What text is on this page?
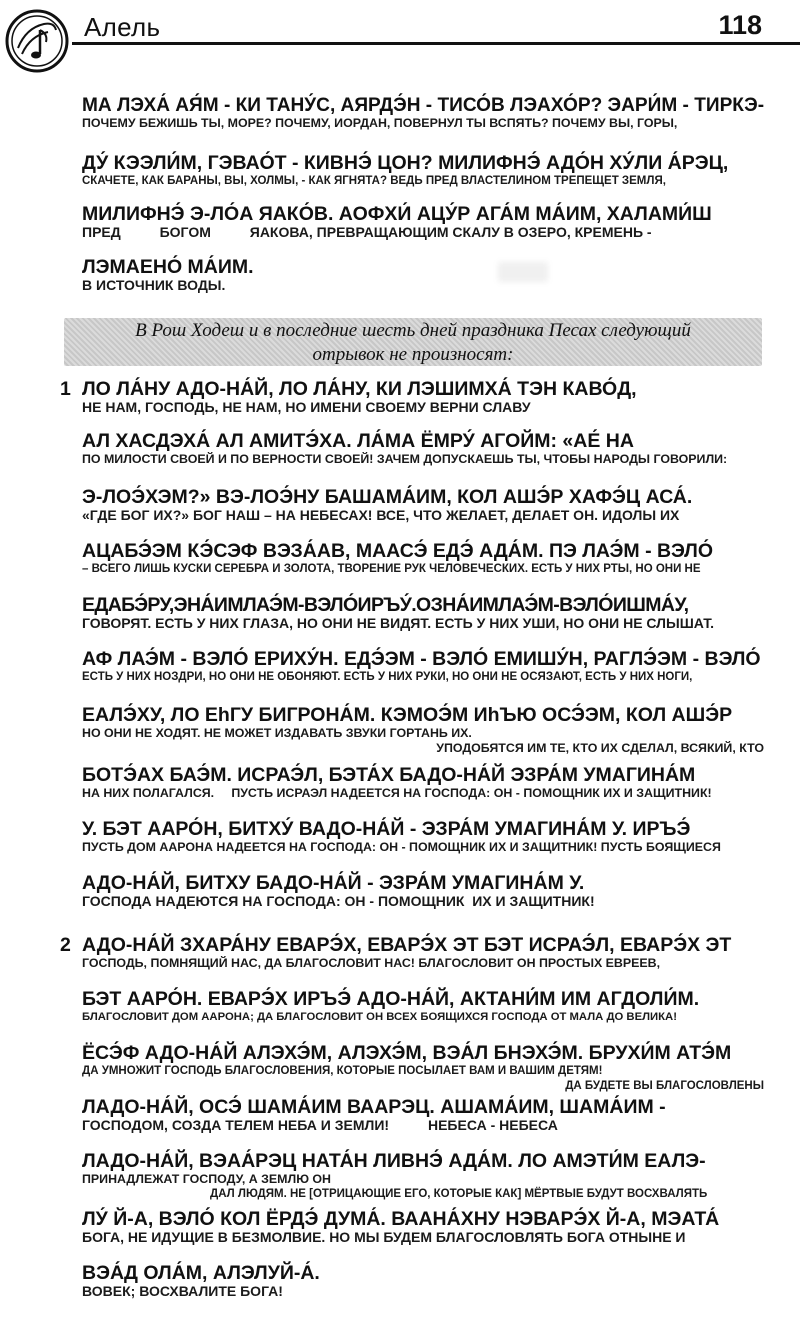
Алель	118
МА ЛЭХА́ АЯ́М - КИ ТАНУ́С, АЯРДЭ́Н - ТИСО́В ЛЭАХО́Р? ЭАРИ́М - ТИРКЭ-
ПОЧЕМУ БЕЖИШЬ ТЫ, МОРЕ? ПОЧЕМУ, ИОРДАН, ПОВЕРНУЛ ТЫ ВСПЯТЬ? ПОЧЕМУ ВЫ, ГОРЫ,
ДУ́ КЭЭЛИ́М, ГЭВАО́Т - КИВНЭ́ ЦОН? МИЛИФНЭ́ АДО́Н ХУ́ЛИ А́РЭЦ,
СКАЧЕТЕ, КАК БАРАНЫ, ВЫ, ХОЛМЫ, - КАК ЯГНЯТА? ВЕДЬ ПРЕД ВЛАСТЕЛИНОМ ТРЕПЕЩЕТ ЗЕМЛЯ,
МИЛИФНЭ́ Э-ЛО́А ЯАКО́В. АОФХИ́ АЦУ́Р АГА́М МА́ИМ, ХАЛАМИ́Ш
ПРЕД          БОГОМ          ЯАКОВА, ПРЕВРАЩАЮЩИМ СКАЛУ В ОЗЕРО, КРЕМЕНЬ -
ЛЭМАЕНО́ МА́ИМ.
В ИСТОЧНИК ВОДЫ.
В Рош Ходеш и в последние шесть дней праздника Песах следующий
отрывок не произносят:
1 ЛО ЛА́НУ АДО-НА́Й, ЛО ЛА́НУ, КИ ЛЭШИМХА́ ТЭН КАВО́Д,
НЕ НАМ, ГОСПОДЬ, НЕ НАМ, НО ИМЕНИ СВОЕМУ ВЕРНИ СЛАВУ
АЛ ХАСДЭХА́ АЛ АМИТЭ́ХА. ЛА́МА ЁМРУ́ АГОЙМ: «АЕ́ НА
ПО МИЛОСТИ СВОЕЙ И ПО ВЕРНОСТИ СВОЕЙ! ЗАЧЕМ ДОПУСКАЕШЬ ТЫ, ЧТОБЫ НАРОДЫ ГОВОРИЛИ:
Э-ЛОЭ́ХЭМ?» ВЭ-ЛОЭ́НУ БАШАМА́ИМ, КОЛ АШЭ́Р ХАФЭ́Ц АСА́.
«ГДЕ БОГ ИХ?» БОГ НАШ – НА НЕБЕСАХ! ВСЕ, ЧТО ЖЕЛАЕТ, ДЕЛАЕТ ОН. ИДОЛЫ ИХ
АЦАБЭ́ЭМ КЭ́СЭФ ВЭЗА́АВ, МААСЭ́ ЕДЭ́ АДА́М. ПЭ ЛАЭ́М - ВЭЛО́
– ВСЕГО ЛИШЬ КУСКИ СЕРЕБРА И ЗОЛОТА, ТВОРЕНИЕ РУК ЧЕЛОВЕЧЕСКИХ. ЕСТЬ У НИХ РТЫ, НО ОНИ НЕ
ЕДАБЭ́РУ,ЭНА́ИМЛАЭ́М-ВЭЛО́ИРЪУ́.ОЗНА́ИМЛАЭ́М-ВЭЛО́ИШМА́У,
ГОВОРЯТ. ЕСТЬ У НИХ ГЛАЗА, НО ОНИ НЕ ВИДЯТ. ЕСТЬ У НИХ УШИ, НО ОНИ НЕ СЛЫШАТ.
АФ ЛАЭ́М - ВЭЛО́ ЕРИХУ́Н. ЕДЭ́ЭМ - ВЭЛО́ ЕМИШУ́Н, РАГЛЭ́ЭМ - ВЭЛО́
ЕСТЬ У НИХ НОЗДРИ, НО ОНИ НЕ ОБОНЯЮТ. ЕСТЬ У НИХ РУКИ, НО ОНИ НЕ ОСЯЗАЮТ, ЕСТЬ У НИХ НОГИ,
ЕАЛЭ́ХУ, ЛО ЕhГУ БИГРОНА́М. КЭМОЭ́М ИhЪЮ ОСЭ́ЭМ, КОЛ АШЭ́Р
НО ОНИ НЕ ХОДЯТ. НЕ МОЖЕТ ИЗДАВАТЬ ЗВУКИ ГОРТАНЬ ИХ.
УПОДОБЯТСЯ ИМ ТЕ, КТО ИХ СДЕЛАЛ, ВСЯКИЙ, КТО
БОТЭ́АХ БАЭ́М. ИСРАЭ́Л, БЭТА́Х БАДО-НА́Й ЭЗРА́М УМАГИНА́М
НА НИХ ПОЛАГАЛСЯ.     ПУСТЬ ИСРАЭЛ НАДЕЕТСЯ НА ГОСПОДА: ОН - ПОМОЩНИК ИХ И ЗАЩИТНИК!
У. БЭТ ААРО́Н, БИТХУ́ ВАДО-НА́Й - ЭЗРА́М УМАГИНА́М У. ИРЪЭ́
ПУСТЬ ДОМ ААРОНА НАДЕЕТСЯ НА ГОСПОДА: ОН - ПОМОЩНИК ИХ И ЗАЩИТНИК! ПУСТЬ БОЯЩИЕСЯ
АДО-НА́Й, БИТХУ БАДО-НА́Й - ЭЗРА́М УМАГИНА́М У.
ГОСПОДА НАДЕЮТСЯ НА ГОСПОДА: ОН - ПОМОЩНИК  ИХ И ЗАЩИТНИК!
2 АДО-НА́Й ЗХАРА́НУ ЕВАРЭ́Х, ЕВАРЭ́Х ЭТ БЭТ ИСРАЭ́Л, ЕВАРЭ́Х ЭТ
ГОСПОДЬ, ПОМНЯЩИЙ НАС, ДА БЛАГОСЛОВИТ НАС! БЛАГОСЛОВИТ ОН ПРОСТЫХ ЕВРЕЕВ,
БЭТ ААРО́Н. ЕВАРЭ́Х ИРЪЭ́ АДО-НА́Й, АКТАНИ́М ИМ АГДОЛИ́М.
БЛАГОСЛОВИТ ДОМ ААРОНА; ДА БЛАГОСЛОВИТ ОН ВСЕХ БОЯЩИХСЯ ГОСПОДА ОТ МАЛА ДО ВЕЛИКА!
ЁСЭ́Ф АДО-НА́Й АЛЭХЭ́М, АЛЭХЭ́М, ВЭА́Л БНЭХЭ́М. БРУХИ́М АТЭ́М
ДА УМНОЖИТ ГОСПОДЬ БЛАГОСЛОВЕНИЯ, КОТОРЫЕ ПОСЫЛАЕТ ВАМ И ВАШИМ ДЕТЯМ!
ДА БУДЕТЕ ВЫ БЛАГОСЛОВЛЕНЫ
ЛАДО-НА́Й, ОСЭ́ ШАМА́ИМ ВААРЭЦ. АШАМА́ИМ, ШАМА́ИМ -
ГОСПОДОМ, СОЗДА ТЕЛЕМ НЕБА И ЗЕМЛИ!          НЕБЕСА - НЕБЕСА
ЛАДО-НА́Й, ВЭАА́РЭЦ НАТА́Н ЛИВНЭ́ АДА́М. ЛО АМЭТИ́М ЕАЛЭ-
ПРИНАДЛЕЖАТ ГОСПОДУ, А ЗЕМЛЮ ОН
ДАЛ ЛЮДЯМ. НЕ [ОТРИЦАЮЩИЕ ЕГО, КОТОРЫЕ КАК] МЁРТВЫЕ БУДУТ ВОСХВАЛЯТЬ
ЛУ́ Й-А, ВЭЛО́ КОЛ ЁРДЭ́ ДУМА́. ВААНА́ХНУ НЭВАРЭ́Х Й-А, МЭАТА́
БОГА, НЕ ИДУЩИЕ В БЕЗМОЛВИЕ. НО МЫ БУДЕМ БЛАГОСЛОВЛЯТЬ БОГА ОТНЫНЕ И
ВЭА́Д ОЛА́М, АЛЭЛУЙ-А́.
ВОВЕК; ВОСХВАЛИТЕ БОГА!
